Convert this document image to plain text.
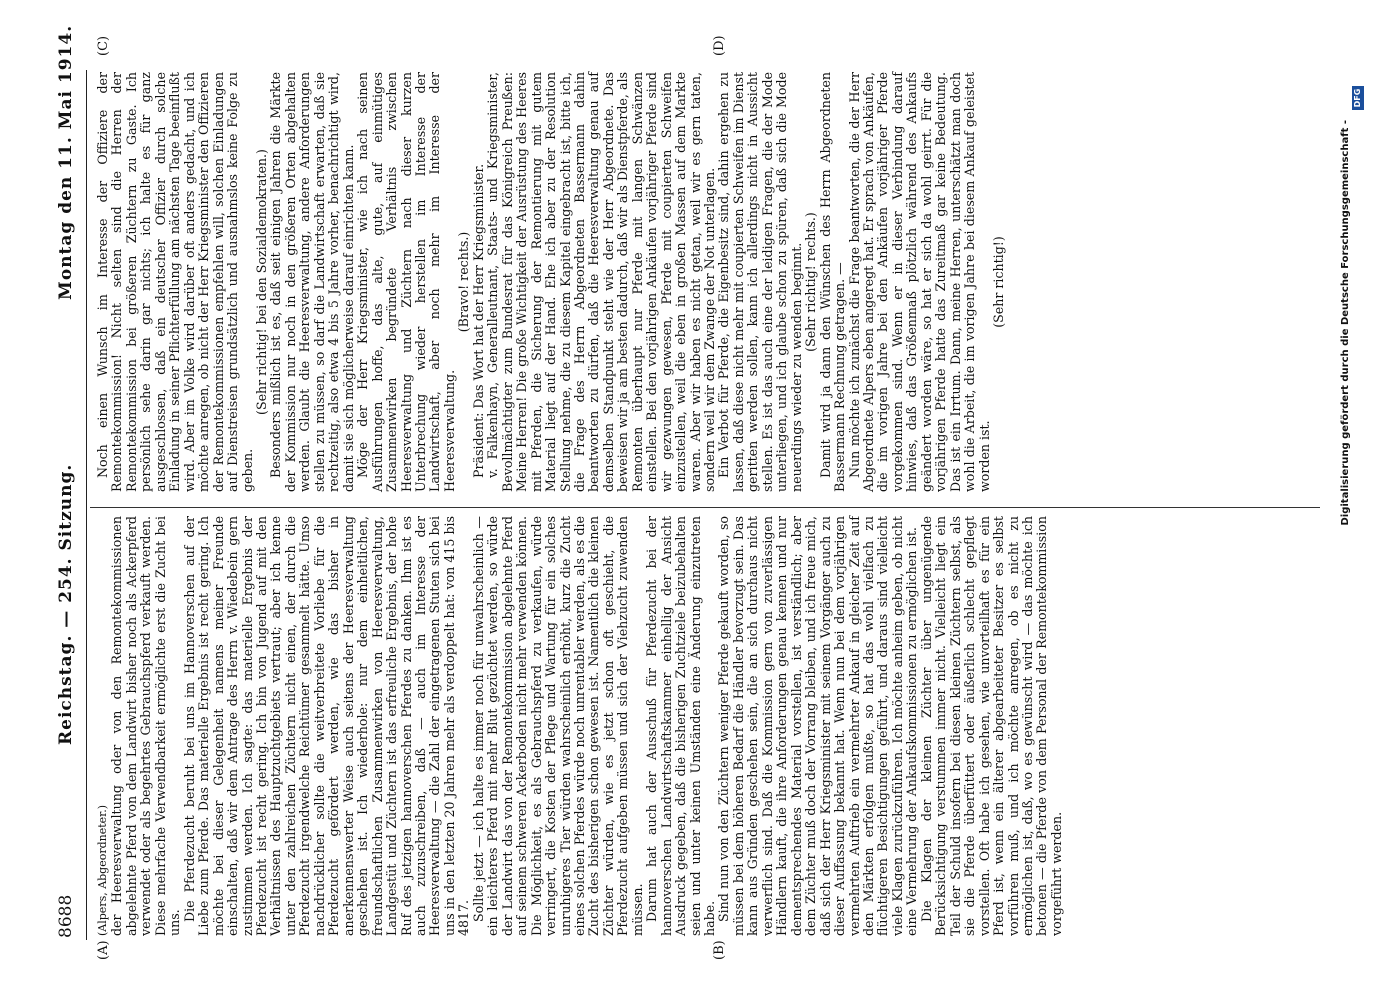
8688
Reichstag. — 254. Sitzung.
Montag den 11. Mai 1914.
(A)	(B)
(C)	(D)

(Alpers, Abgeordneter.) der Heeresverwaltung oder von den Remontekommissionen abgelehnte Pferd von dem Landwirt bisher noch als Ackerpferd verwendet oder als begehrtes Gebrauchspferd verkauft werden. Diese mehrfache Verwendbarkeit ermöglichte erst die Zucht bei uns.

Die Pferdezucht beruht bei uns im Hannoverschen auf der Liebe zum Pferde. Das materielle Ergebnis ist recht gering. Ich möchte bei dieser Gelegenheit namens meiner Freunde einschalten, daß wir dem Antrage des Herrn v. Wiedebein gern zustimmen werden. Ich sagte: das materielle Ergebnis der Pferdezucht ist recht gering. Ich bin von Jugend auf mit den Verhältnissen des Hauptzuchtgebiets vertraut; aber ich kenne unter den zahlreichen Züchtern nicht einen, der durch die Pferdezucht irgendwelche Reichtümer gesammelt hätte. Umso nachdrücklicher sollte die weitverbreitete Vorliebe für die Pferdezucht gefördert werden, wie das bisher in anerkennenswerter Weise auch seitens der Heeresverwaltung geschehen ist. Ich wiederhole: nur dem einheitlichen, freundschaftlichen Zusammenwirken von Heeresverwaltung, Landgestüt und Züchtern ist das erfreuliche Ergebnis, der hohe Ruf des jetzigen hannoverschen Pferdes zu danken. Ihm ist es auch zuzuschreiben, daß — auch im Interesse der Heeresverwaltung — die Zahl der eingetragenen Stuten sich bei uns in den letzten 20 Jahren mehr als verdoppelt hat: von 415 bis 4817. Sollte jetzt — ich halte es immer noch für unwahrscheinlich — ein leichteres Pferd mit mehr Blut gezüchtet werden, so würde der Landwirt das von der Remontekommission abgelehnte Pferd auf seinem schweren Ackerboden nicht mehr verwenden können. Die Möglichkeit, es als Gebrauchspferd zu verkaufen, würde verringert, die Kosten der Pflege und Wartung für ein solches unruhigeres Tier würden wahrscheinlich erhöht, kurz die Zucht eines solchen Pferdes würde noch unrentabler werden, als es die Zucht des bisherigen schon gewesen ist. Namentlich die kleinen Züchter würden, wie es jetzt schon oft geschieht, die Pferdezucht aufgeben müssen und sich der Viehzucht zuwenden müssen. Darum hat auch der Ausschuß für Pferdezucht bei der hannoverschen Landwirtschaftskammer einhellig der Ansicht Ausdruck gegeben, daß die bisherigen Zuchtziele beizubehalten seien und unter keinen Umständen eine Änderung einzutreten habe. Sind nun von den Züchtern weniger Pferde gekauft worden, so müssen bei dem höheren Bedarf die Händler bevorzugt sein. Das kann aus Gründen geschehen sein, die an sich durchaus nicht verwerflich sind. Daß die Kommission gern von zuverlässigen Händlern kauft, die ihre Anforderungen genau kennen und nur dementsprechendes Material vorstellen, ist verständlich; aber dem Züchter muß doch der Vorrang bleiben, und ich freue mich, daß sich der Herr Kriegsminister mit seinem Vorgänger auch zu dieser Auffassung bekannt hat. Wenn nun bei dem vorjährigen vermehrten Auftrieb ein vermehrter Ankauf in gleicher Zeit auf den Märkten erfolgen mußte, so hat das wohl vielfach zu flüchtigeren Besichtigungen geführt, und daraus sind vielleicht viele Klagen zurückzuführen. Ich möchte anheim geben, ob nicht eine Vermehrung der Ankaufskommissionen zu ermöglichen ist. Die Klagen der kleinen Züchter über ungenügende Berücksichtigung verstummen immer nicht. Vielleicht liegt ein Teil der Schuld insofern bei diesen kleinen Züchtern selbst, als sie die Pferde überfüttert oder äußerlich schlecht gepflegt vorstellen. Oft habe ich gesehen, wie unvorteilhaft es für ein Pferd ist, wenn ein älterer abgearbeiteter Besitzer es selbst vorführen muß, und ich möchte anregen, ob es nicht zu ermöglichen ist, daß, wo es gewünscht wird — das möchte ich betonen — die Pferde von dem Personal der Remontekommission vorgeführt werden.

Noch einen Wunsch im Interesse der Offiziere der Remontekommission! Nicht selten sind die Herren der Remontekommission bei größeren Züchtern zu Gaste. Ich persönlich sehe darin gar nichts; ich halte es für ganz ausgeschlossen, daß ein deutscher Offizier durch solche Einladung in seiner Pflichterfüllung am nächsten Tage beeinflußt wird. Aber im Volke wird darüber oft anders gedacht, und ich möchte anregen, ob nicht der Herr Kriegsminister den Offizieren der Remontekommissionen empfehlen will, solchen Einladungen auf Dienstreisen grundsätzlich und ausnahmslos keine Folge zu geben.

(Sehr richtig! bei den Sozialdemokraten.) Besonders mißlich ist es, daß seit einigen Jahren die Märkte der Kommission nur noch in den größeren Orten abgehalten werden. Glaubt die Heeresverwaltung, andere Anforderungen stellen zu müssen, so darf die Landwirtschaft erwarten, daß sie rechtzeitig, also etwa 4 bis 5 Jahre vorher, benachrichtigt wird, damit sie sich möglicherweise darauf einrichten kann. Möge der Herr Kriegsminister, wie ich nach seinen Ausführungen hoffe, das alte, gute, auf einmütiges Zusammenwirken begründete Verhältnis zwischen Heeresverwaltung und Züchtern nach dieser kurzen Unterbrechung wieder herstellen im Interesse der Landwirtschaft, aber noch mehr im Interesse der Heeresverwaltung.

(Bravo! rechts.) Präsident: Das Wort hat der Herr Kriegsminister. v. Falkenhayn, Generalleutnant, Staats- und Kriegsminister, Bevollmächtigter zum Bundesrat für das Königreich Preußen: Meine Herren! Die große Wichtigkeit der Ausrüstung des Heeres mit Pferden, die Sicherung der Remontierung mit gutem Material liegt auf der Hand. Ehe ich aber zu der Resolution Stellung nehme, die zu diesem Kapitel eingebracht ist, bitte ich, die Frage des Herrn Abgeordneten Bassermann dahin beantworten zu dürfen, daß die Heeresverwaltung genau auf demselben Standpunkt steht wie der Herr Abgeordnete. Das beweisen wir ja am besten dadurch, daß wir als Dienstpferde, als Remonten überhaupt nur Pferde mit langen Schwänzen einstellen. Bei den vorjährigen Ankäufen vorjähriger Pferde sind wir gezwungen gewesen, Pferde mit coupierten Schweifen einzustellen, weil die eben in großen Massen auf dem Markte waren. Aber wir haben es nicht getan, weil wir es gern taten, sondern weil wir dem Zwange der Not unterlagen. Ein Verbot für Pferde, die Eigenbesitz sind, dahin ergehen zu lassen, daß diese nicht mehr mit coupierten Schweifen im Dienst geritten werden sollen, kann ich allerdings nicht in Aussicht stellen. Es ist das auch eine der leidigen Fragen, die der Mode unterliegen, und ich glaube schon zu spüren, daß sich die Mode neuerdings wieder zu wenden beginnt. (Sehr richtig! rechts.) Damit wird ja dann den Wünschen des Herrn Abgeordneten Bassermann Rechnung getragen. — Nun möchte ich zunächst die Frage beantworten, die der Herr Abgeordnete Alpers eben angeregt hat. Er sprach von Ankäufen, die im vorigen Jahre bei den Ankäufen vorjähriger Pferde vorgekommen sind. Wenn er in dieser Verbindung darauf hinwies, daß das Größenmaß plötzlich während des Ankaufs geändert worden wäre, so hat er sich da wohl geirrt. Für die vorjährigen Pferde hatte das Zureitmaß gar keine Bedeutung. Das ist ein Irrtum. Dann, meine Herren, unterschätzt man doch wohl die Arbeit, die im vorigen Jahre bei diesem Ankauf geleistet worden ist.

(Sehr richtig!)	Digitalisierung gefördert durch die Deutsche Forschungsgemeinschaft -
DFG
